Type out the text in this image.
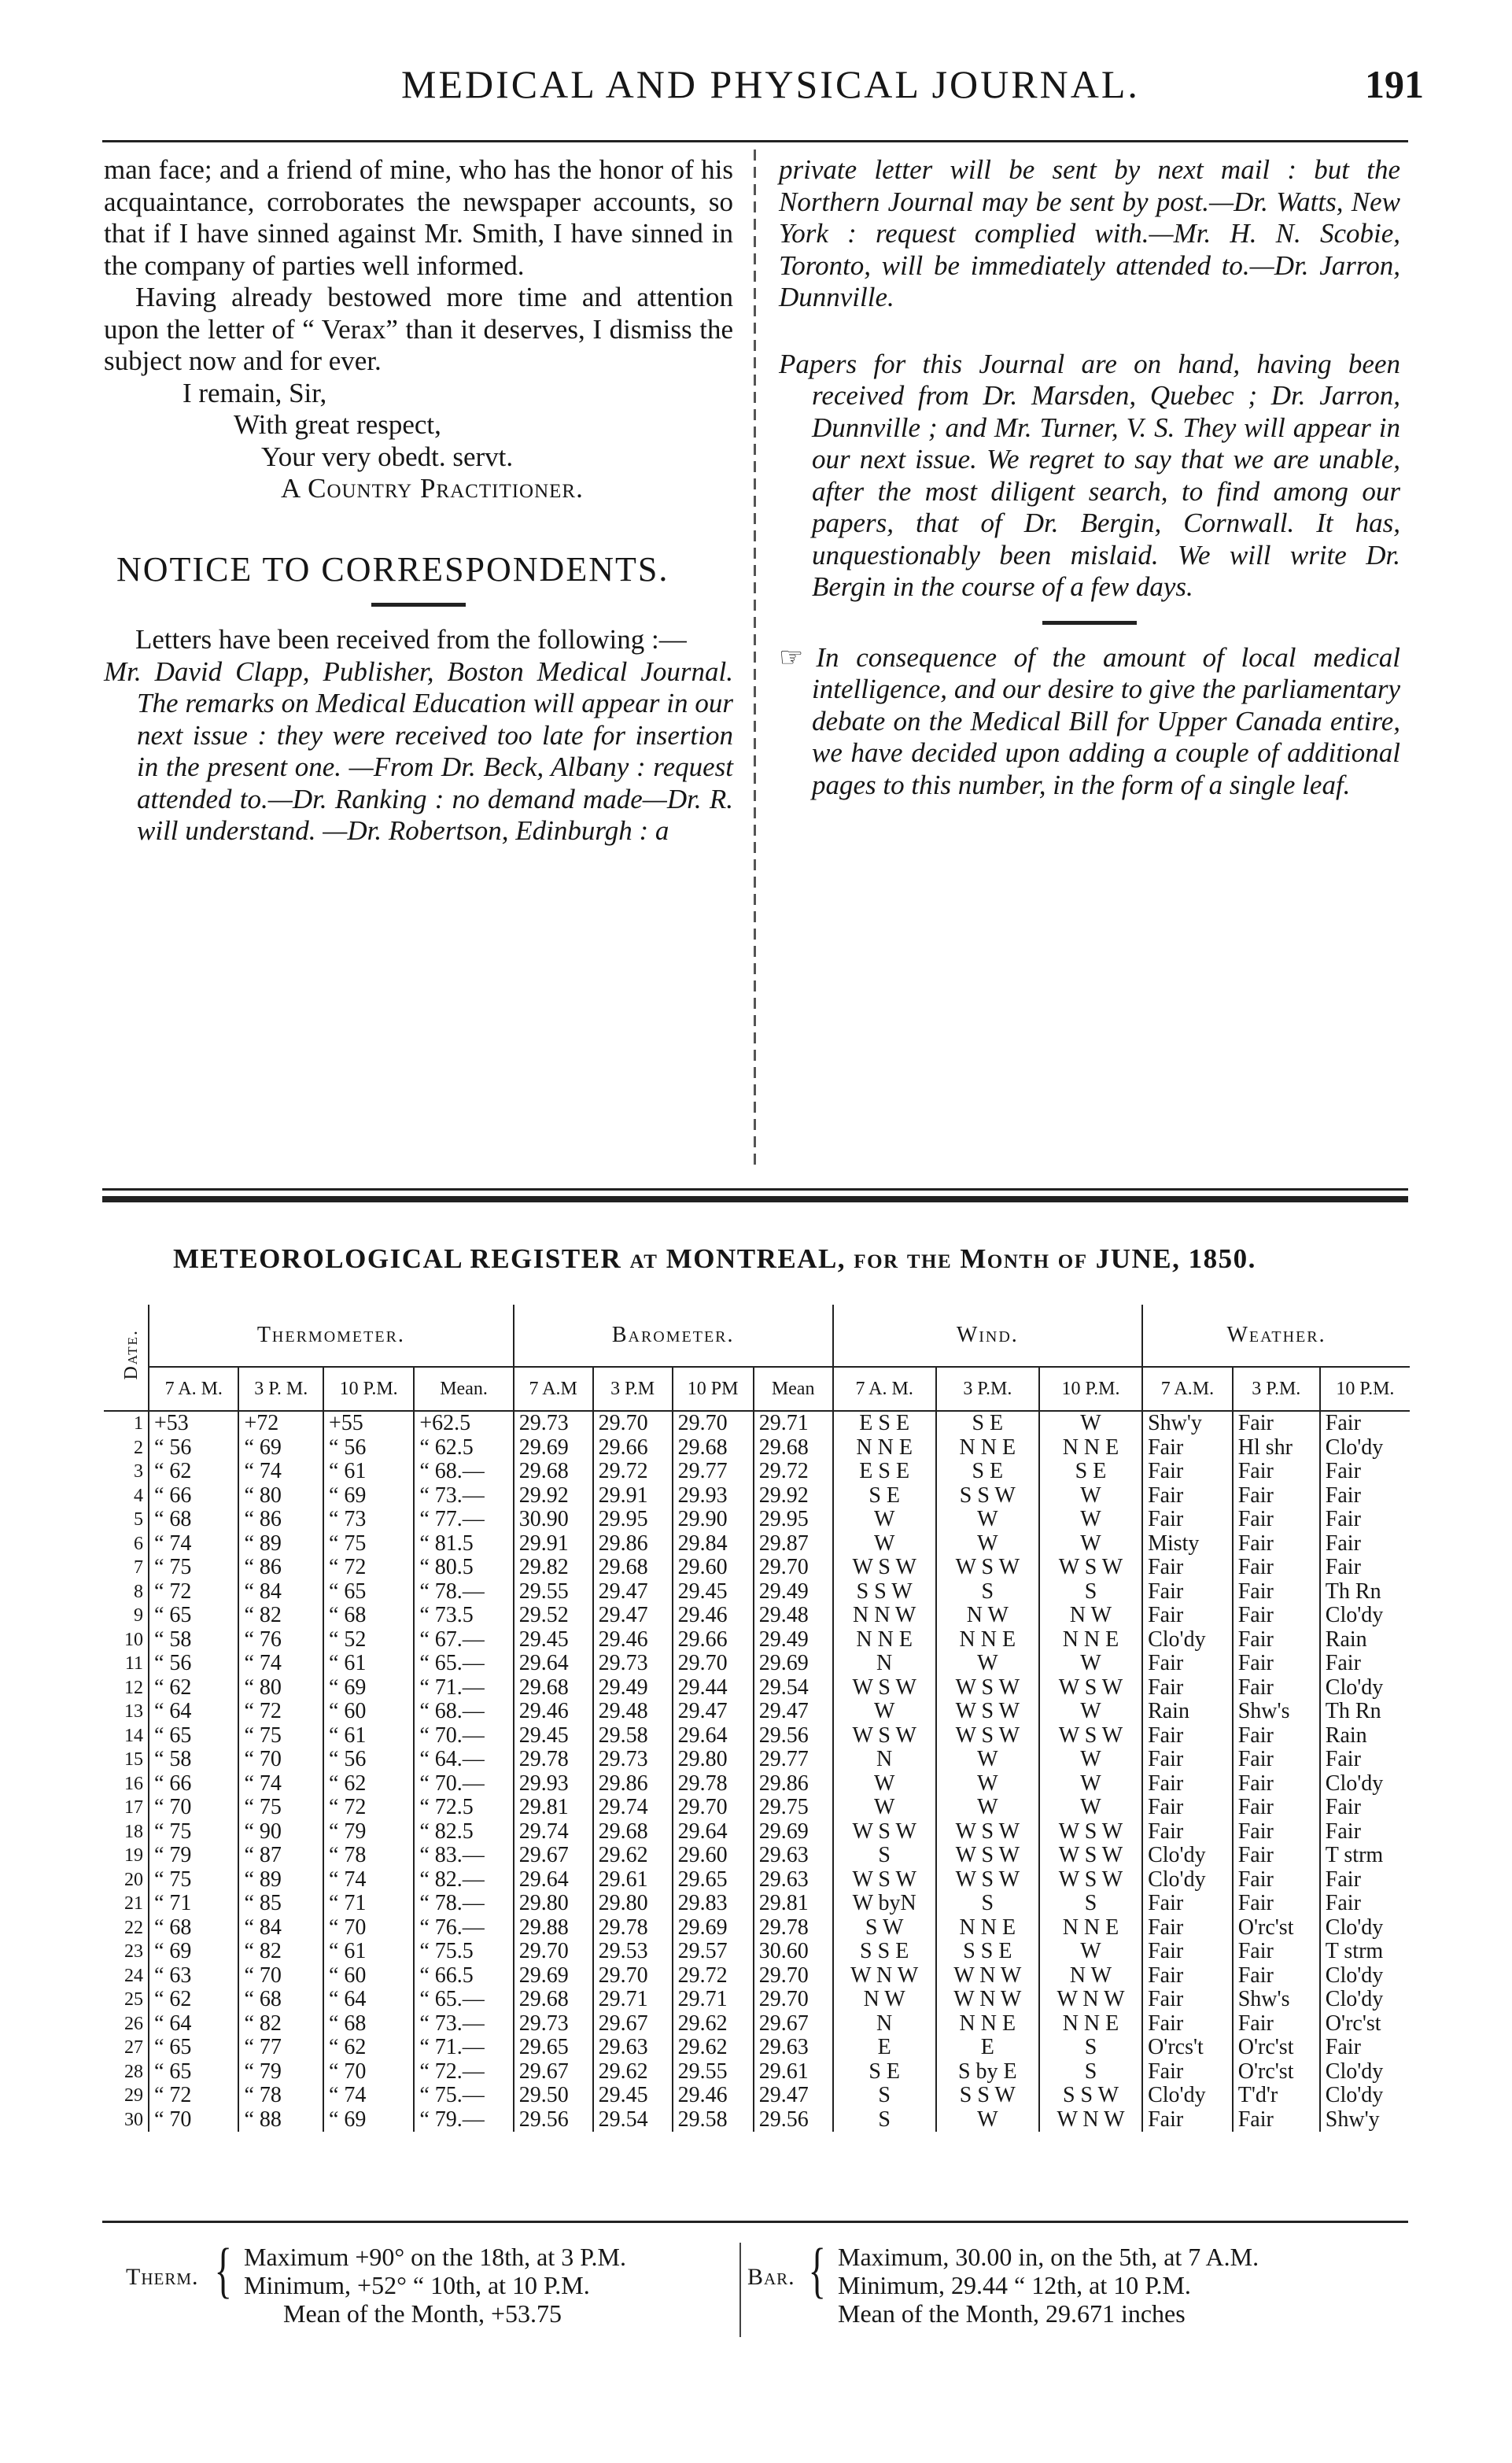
MEDICAL AND PHYSICAL JOURNAL.	191

man face; and a friend of mine, who has the honor of his acquaintance, corroborates the newspaper accounts, so that if I have sinned against Mr. Smith, I have sinned in the company of parties well informed.

Having already bestowed more time and attention upon the letter of “ Verax” than it deserves, I dismiss the subject now and for ever.

I remain, Sir,
With great respect,
Your very obedt. servt.
A Country Practitioner.
NOTICE TO CORRESPONDENTS.

Letters have been received from the following :—

Mr. David Clapp, Publisher, Boston Medical Journal. The remarks on Medical Education will appear in our next issue : they were received too late for insertion in the present one. —From Dr. Beck, Albany : request attended to.—Dr. Ranking : no demand made—Dr. R. will understand. —Dr. Robertson, Edinburgh : a

private letter will be sent by next mail : but the Northern Journal may be sent by post.—Dr. Watts, New York : request complied with.—Mr. H. N. Scobie, Toronto, will be immediately attended to.—Dr. Jarron, Dunnville.

Papers for this Journal are on hand, having been received from Dr. Marsden, Quebec ; Dr. Jarron, Dunnville ; and Mr. Turner, V. S. They will appear in our next issue. We regret to say that we are unable, after the most diligent search, to find among our papers, that of Dr. Bergin, Cornwall. It has, unquestionably been mislaid. We will write Dr. Bergin in the course of a few days.

☞ In consequence of the amount of local medical intelligence, and our desire to give the parliamentary debate on the Medical Bill for Upper Canada entire, we have decided upon adding a couple of additional pages to this number, in the form of a single leaf.

METEOROLOGICAL REGISTER at MONTREAL, for the Month of JUNE, 1850.
Date.	Thermometer.				Barometer.				Wind.			Weather.		
	7 A. M.	3 P. M.	10 P.M.	Mean.	7 A.M	3 P.M	10 PM	Mean	7 A. M.	3 P.M.	10 P.M.	7 A.M.	3 P.M.	10 P.M.
1	+53	+72	+55	+62.5	29.73	29.70	29.70	29.71	E S E	S E	W	Shw'y	Fair	Fair
2	“ 56	“ 69	“ 56	“ 62.5	29.69	29.66	29.68	29.68	N N E	N N E	N N E	Fair	Hl shr	Clo'dy
3	“ 62	“ 74	“ 61	“ 68.—	29.68	29.72	29.77	29.72	E S E	S E	S E	Fair	Fair	Fair
4	“ 66	“ 80	“ 69	“ 73.—	29.92	29.91	29.93	29.92	S E	S S W	W	Fair	Fair	Fair
5	“ 68	“ 86	“ 73	“ 77.—	30.90	29.95	29.90	29.95	W	W	W	Fair	Fair	Fair
6	“ 74	“ 89	“ 75	“ 81.5	29.91	29.86	29.84	29.87	W	W	W	Misty	Fair	Fair
7	“ 75	“ 86	“ 72	“ 80.5	29.82	29.68	29.60	29.70	W S W	W S W	W S W	Fair	Fair	Fair
8	“ 72	“ 84	“ 65	“ 78.—	29.55	29.47	29.45	29.49	S S W	S	S	Fair	Fair	Th Rn
9	“ 65	“ 82	“ 68	“ 73.5	29.52	29.47	29.46	29.48	N N W	N W	N W	Fair	Fair	Clo'dy
10	“ 58	“ 76	“ 52	“ 67.—	29.45	29.46	29.66	29.49	N N E	N N E	N N E	Clo'dy	Fair	Rain
11	“ 56	“ 74	“ 61	“ 65.—	29.64	29.73	29.70	29.69	N	W	W	Fair	Fair	Fair
12	“ 62	“ 80	“ 69	“ 71.—	29.68	29.49	29.44	29.54	W S W	W S W	W S W	Fair	Fair	Clo'dy
13	“ 64	“ 72	“ 60	“ 68.—	29.46	29.48	29.47	29.47	W	W S W	W	Rain	Shw's	Th Rn
14	“ 65	“ 75	“ 61	“ 70.—	29.45	29.58	29.64	29.56	W S W	W S W	W S W	Fair	Fair	Rain
15	“ 58	“ 70	“ 56	“ 64.—	29.78	29.73	29.80	29.77	N	W	W	Fair	Fair	Fair
16	“ 66	“ 74	“ 62	“ 70.—	29.93	29.86	29.78	29.86	W	W	W	Fair	Fair	Clo'dy
17	“ 70	“ 75	“ 72	“ 72.5	29.81	29.74	29.70	29.75	W	W	W	Fair	Fair	Fair
18	“ 75	“ 90	“ 79	“ 82.5	29.74	29.68	29.64	29.69	W S W	W S W	W S W	Fair	Fair	Fair
19	“ 79	“ 87	“ 78	“ 83.—	29.67	29.62	29.60	29.63	S	W S W	W S W	Clo'dy	Fair	T strm
20	“ 75	“ 89	“ 74	“ 82.—	29.64	29.61	29.65	29.63	W S W	W S W	W S W	Clo'dy	Fair	Fair
21	“ 71	“ 85	“ 71	“ 78.—	29.80	29.80	29.83	29.81	W byN	S	S	Fair	Fair	Fair
22	“ 68	“ 84	“ 70	“ 76.—	29.88	29.78	29.69	29.78	S W	N N E	N N E	Fair	O'rc'st	Clo'dy
23	“ 69	“ 82	“ 61	“ 75.5	29.70	29.53	29.57	30.60	S S E	S S E	W	Fair	Fair	T strm
24	“ 63	“ 70	“ 60	“ 66.5	29.69	29.70	29.72	29.70	W N W	W N W	N W	Fair	Fair	Clo'dy
25	“ 62	“ 68	“ 64	“ 65.—	29.68	29.71	29.71	29.70	N W	W N W	W N W	Fair	Shw's	Clo'dy
26	“ 64	“ 82	“ 68	“ 73.—	29.73	29.67	29.62	29.67	N	N N E	N N E	Fair	Fair	O'rc'st
27	“ 65	“ 77	“ 62	“ 71.—	29.65	29.63	29.62	29.63	E	E	S	O'rcs't	O'rc'st	Fair
28	“ 65	“ 79	“ 70	“ 72.—	29.67	29.62	29.55	29.61	S E	S by E	S	Fair	O'rc'st	Clo'dy
29	“ 72	“ 78	“ 74	“ 75.—	29.50	29.45	29.46	29.47	S	S S W	S S W	Clo'dy	T'd'r	Clo'dy
30	“ 70	“ 88	“ 69	“ 79.—	29.56	29.54	29.58	29.56	S	W	W N W	Fair	Fair	Shw'y
Therm. { Maximum +90° on the 18th, at 3 P.M.
Minimum, +52° “ 10th, at 10 P.M.
Mean of the Month, +53.75
Bar. { Maximum, 30.00 in, on the 5th, at 7 A.M.
Minimum, 29.44 “ 12th, at 10 P.M.
Mean of the Month, 29.671 inches
